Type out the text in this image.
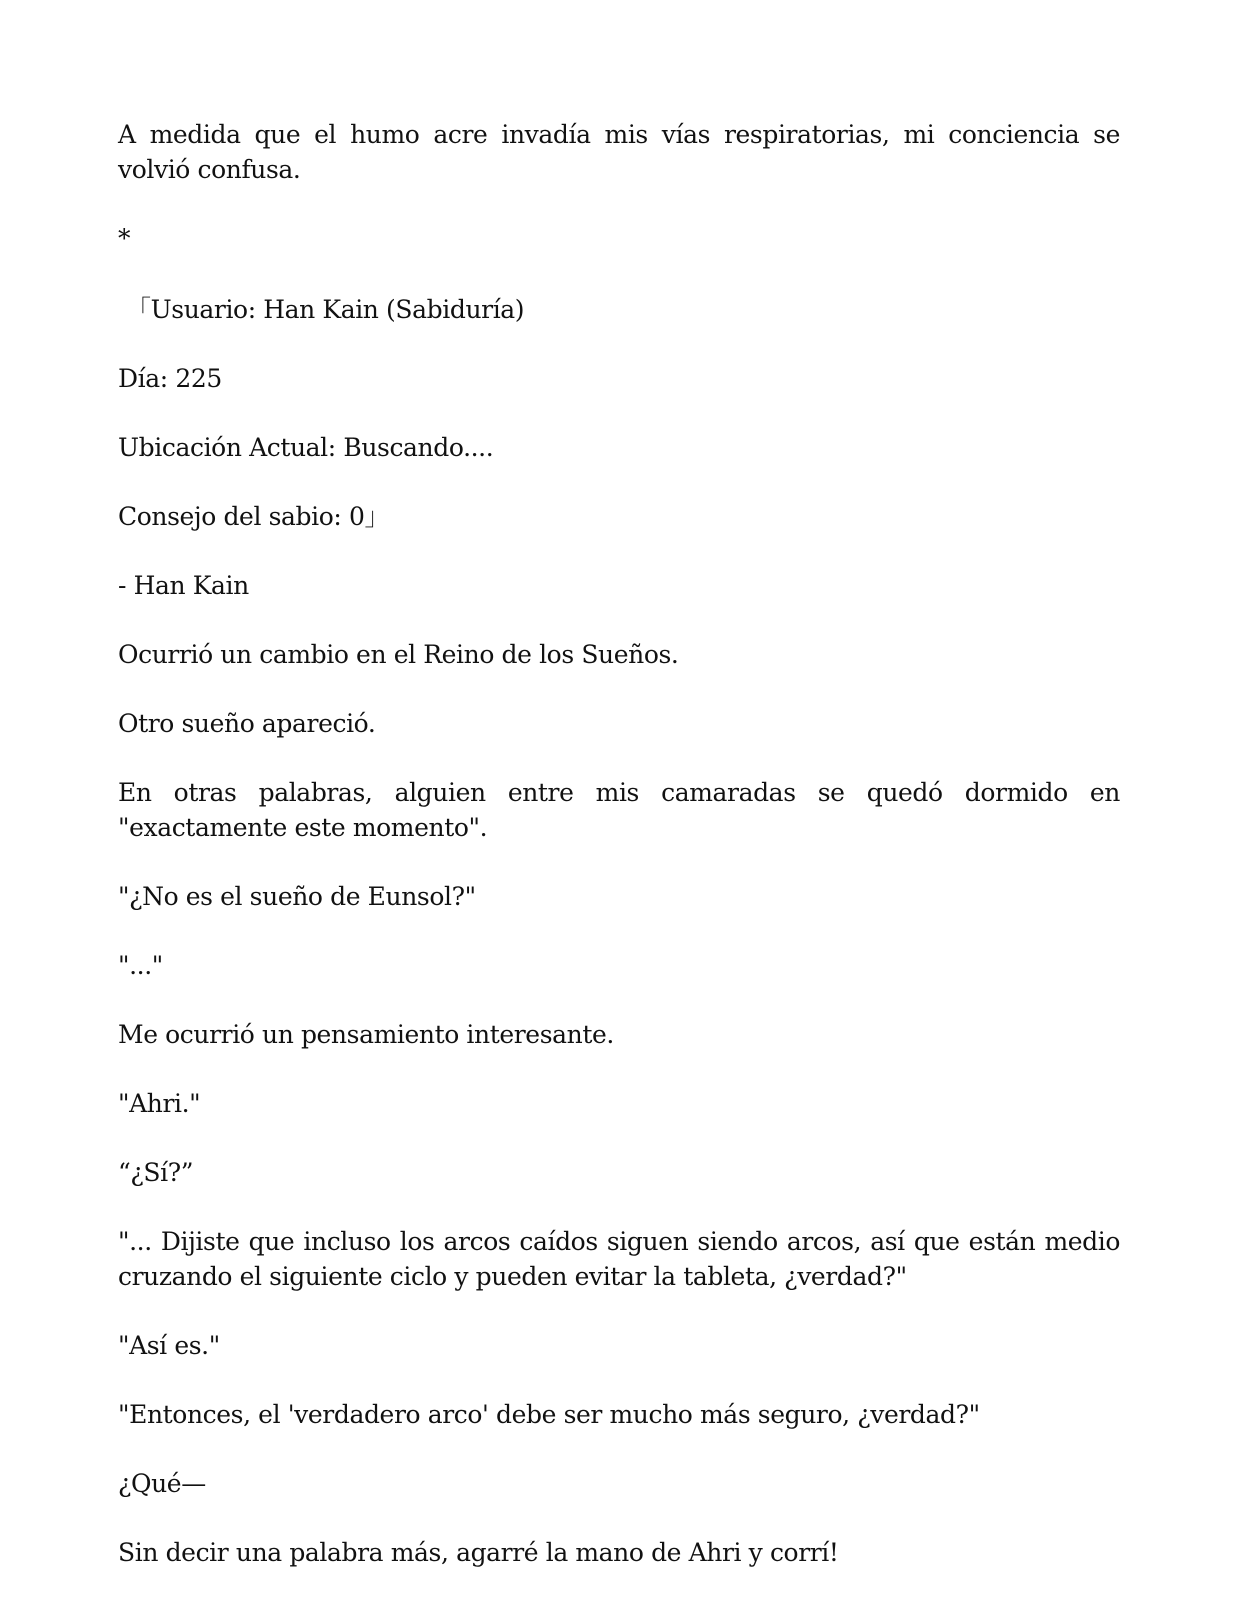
A medida que el humo acre invadía mis vías respiratorias, mi conciencia se volvió confusa.

*

「Usuario: Han Kain (Sabiduría)

Día: 225

Ubicación Actual: Buscando....

Consejo del sabio: 0」

- Han Kain

Ocurrió un cambio en el Reino de los Sueños.

Otro sueño apareció.

En otras palabras, alguien entre mis camaradas se quedó dormido en "exactamente este momento".

"¿No es el sueño de Eunsol?"

"..."

Me ocurrió un pensamiento interesante.

"Ahri."

“¿Sí?”

"... Dijiste que incluso los arcos caídos siguen siendo arcos, así que están medio cruzando el siguiente ciclo y pueden evitar la tableta, ¿verdad?"

"Así es."

"Entonces, el 'verdadero arco' debe ser mucho más seguro, ¿verdad?"

¿Qué—

Sin decir una palabra más, agarré la mano de Ahri y corrí!
